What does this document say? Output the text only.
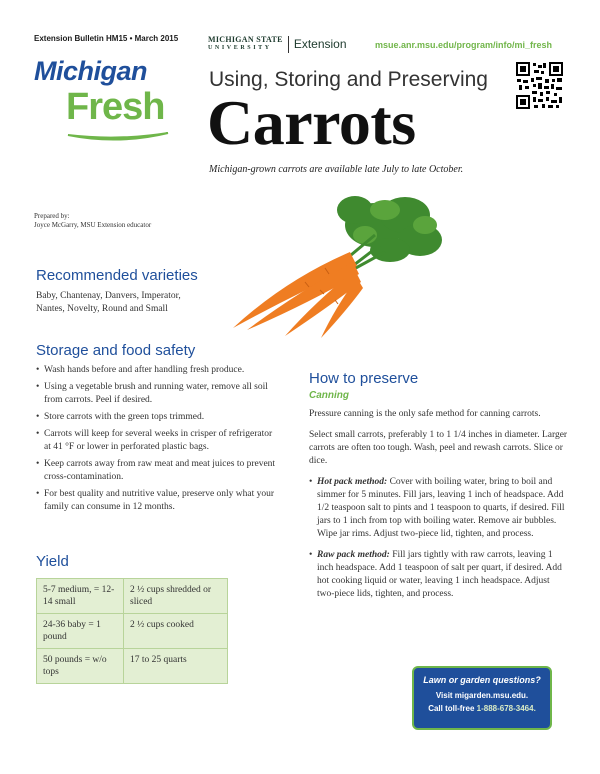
Extension Bulletin HM15 • March 2015	MICHIGAN STATE
UNIVERSITY	Extension	msue.anr.msu.edu/program/info/mi_fresh
Michigan
Fresh
Using, Storing and Preserving
Carrots
Michigan-grown carrots are available late July to late October.
Prepared by:
Joyce McGarry, MSU Extension educator
Recommended varieties
Baby, Chantenay, Danvers, Imperator,
Nantes, Novelty, Round and Small
Storage and food safety
• Wash hands before and after handling fresh produce.
• Using a vegetable brush and running water, remove all soil from carrots. Peel if desired.
• Store carrots with the green tops trimmed.
• Carrots will keep for several weeks in crisper of refrigerator at 41 °F or lower in perforated plastic bags.
• Keep carrots away from raw meat and meat juices to prevent cross-contamination.
• For best quality and nutritive value, preserve only what your family can consume in 12 months.
Yield
5-7 medium, = 12-14 small	2 ½ cups shredded or sliced
24-36 baby = 1 pound	2 ½ cups cooked
50 pounds = w/o tops	17 to 25 quarts
How to preserve
Canning
Pressure canning is the only safe method for canning carrots.
Select small carrots, preferably 1 to 1 1/4 inches in diameter. Larger carrots are often too tough. Wash, peel and rewash carrots. Slice or dice.
• Hot pack method: Cover with boiling water, bring to boil and simmer for 5 minutes. Fill jars, leaving 1 inch of headspace. Add 1/2 teaspoon salt to pints and 1 teaspoon to quarts, if desired. Fill jars to 1 inch from top with boiling water. Remove air bubbles. Wipe jar rims. Adjust two-piece lid, tighten, and process.
• Raw pack method: Fill jars tightly with raw carrots, leaving 1 inch headspace. Add 1 teaspoon of salt per quart, if desired. Add hot cooking liquid or water, leaving 1 inch headspace. Adjust two-piece lids, tighten, and process.
Lawn or garden questions?
Visit migarden.msu.edu.
Call toll-free 1-888-678-3464.
